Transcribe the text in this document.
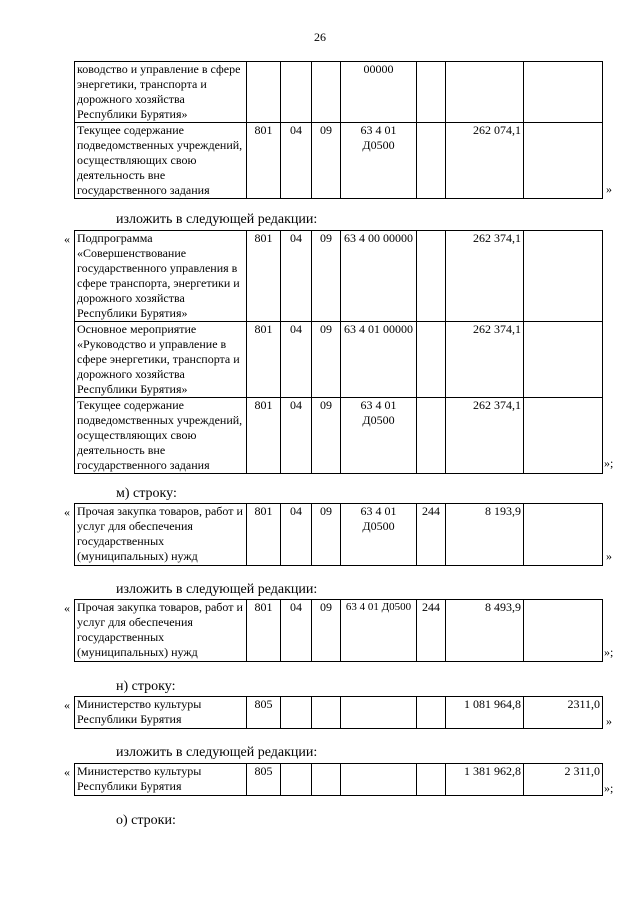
26
ководство и управление в сфере энергетики, транспорта и дорожного хозяйства Республики Бурятия»				00000			
Текущее содержание подведомственных учреждений, осуществляющих свою деятельность вне государственного задания	801	04	09	63 4 01 Д0500		262 074,1	
»
изложить в следующей редакции:
« Подпрограмма «Совершенствование государственного управления в сфере транспорта, энергетики и дорожного хозяйства Республики Бурятия»	801	04	09	63 4 00 00000		262 374,1	
Основное мероприятие «Руководство и управление в сфере энергетики, транспорта и дорожного хозяйства Республики Бурятия»	801	04	09	63 4 01 00000		262 374,1	
Текущее содержание подведомственных учреждений, осуществляющих свою деятельность вне государственного задания	801	04	09	63 4 01 Д0500		262 374,1	
»;
м) строку:
« Прочая закупка товаров, работ и услуг для обеспечения государственных (муниципальных) нужд	801	04	09	63 4 01 Д0500	244	8 193,9	
»
изложить в следующей редакции:
« Прочая закупка товаров, работ и услуг для обеспечения государственных (муниципальных) нужд	801	04	09	63 4 01 Д0500	244	8 493,9	
»;
н) строку:
« Министерство культуры Республики Бурятия	805					1 081 964,8	2311,0
»
изложить в следующей редакции:
« Министерство культуры Республики Бурятия	805					1 381 962,8	2 311,0
»;
о) строки:
